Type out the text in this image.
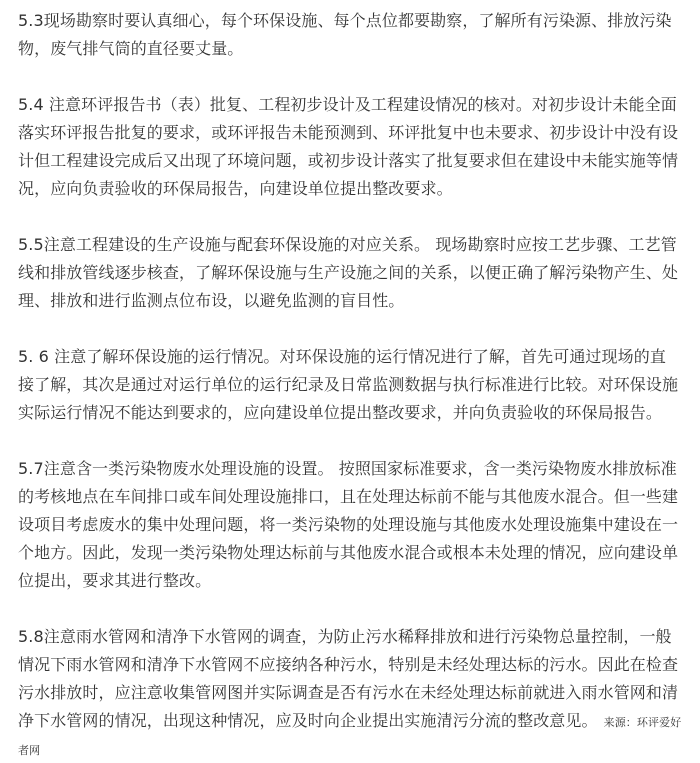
5.3现场勘察时要认真细心，每个环保设施、每个点位都要勘察，了解所有污染源、排放污染物，废气排气筒的直径要丈量。

5.4 注意环评报告书（表）批复、工程初步设计及工程建设情况的核对。对初步设计未能全面落实环评报告批复的要求，或环评报告未能预测到、环评批复中也未要求、初步设计中没有设计但工程建设完成后又出现了环境问题，或初步设计落实了批复要求但在建设中未能实施等情况，应向负责验收的环保局报告，向建设单位提出整改要求。

5.5注意工程建设的生产设施与配套环保设施的对应关系。 现场勘察时应按工艺步骤、工艺管线和排放管线逐步核查，了解环保设施与生产设施之间的关系，以便正确了解污染物产生、处理、排放和进行监测点位布设，以避免监测的盲目性。

5. 6 注意了解环保设施的运行情况。对环保设施的运行情况进行了解，首先可通过现场的直接了解，其次是通过对运行单位的运行纪录及日常监测数据与执行标准进行比较。对环保设施实际运行情况不能达到要求的，应向建设单位提出整改要求，并向负责验收的环保局报告。

5.7注意含一类污染物废水处理设施的设置。 按照国家标准要求，含一类污染物废水排放标准的考核地点在车间排口或车间处理设施排口，且在处理达标前不能与其他废水混合。但一些建设项目考虑废水的集中处理问题，将一类污染物的处理设施与其他废水处理设施集中建设在一个地方。因此，发现一类污染物处理达标前与其他废水混合或根本未处理的情况，应向建设单位提出，要求其进行整改。

5.8注意雨水管网和清净下水管网的调查，为防止污水稀释排放和进行污染物总量控制，一般情况下雨水管网和清净下水管网不应接纳各种污水，特别是未经处理达标的污水。因此在检查污水排放时，应注意收集管网图并实际调查是否有污水在未经处理达标前就进入雨水管网和清净下水管网的情况，出现这种情况，应及时向企业提出实施清污分流的整改意见。 来源：环评爱好者网
